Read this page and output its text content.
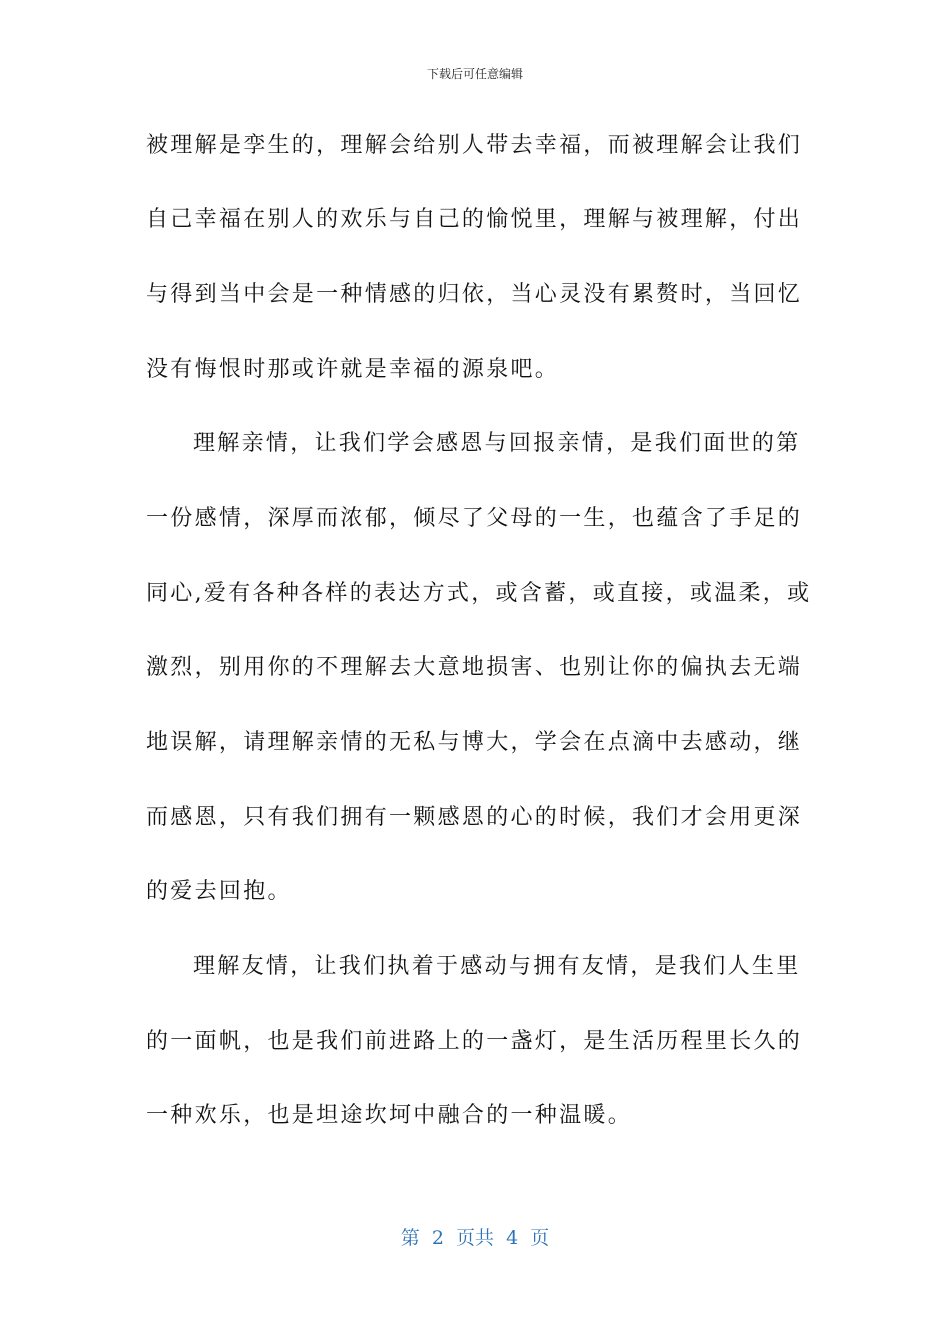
下载后可任意编辑
被理解是孪生的，理解会给别人带去幸福，而被理解会让我们
自己幸福在别人的欢乐与自己的愉悦里，理解与被理解，付出
与得到当中会是一种情感的归依，当心灵没有累赘时，当回忆
没有悔恨时那或许就是幸福的源泉吧。
理解亲情，让我们学会感恩与回报亲情，是我们面世的第
一份感情，深厚而浓郁，倾尽了父母的一生，也蕴含了手足的
同心,爱有各种各样的表达方式，或含蓄，或直接，或温柔，或
激烈，别用你的不理解去大意地损害、也别让你的偏执去无端
地误解，请理解亲情的无私与博大，学会在点滴中去感动，继
而感恩，只有我们拥有一颗感恩的心的时候，我们才会用更深
的爱去回抱。
理解友情，让我们执着于感动与拥有友情，是我们人生里
的一面帆，也是我们前进路上的一盏灯，是生活历程里长久的
一种欢乐，也是坦途坎坷中融合的一种温暖。
第  2  页共  4  页
